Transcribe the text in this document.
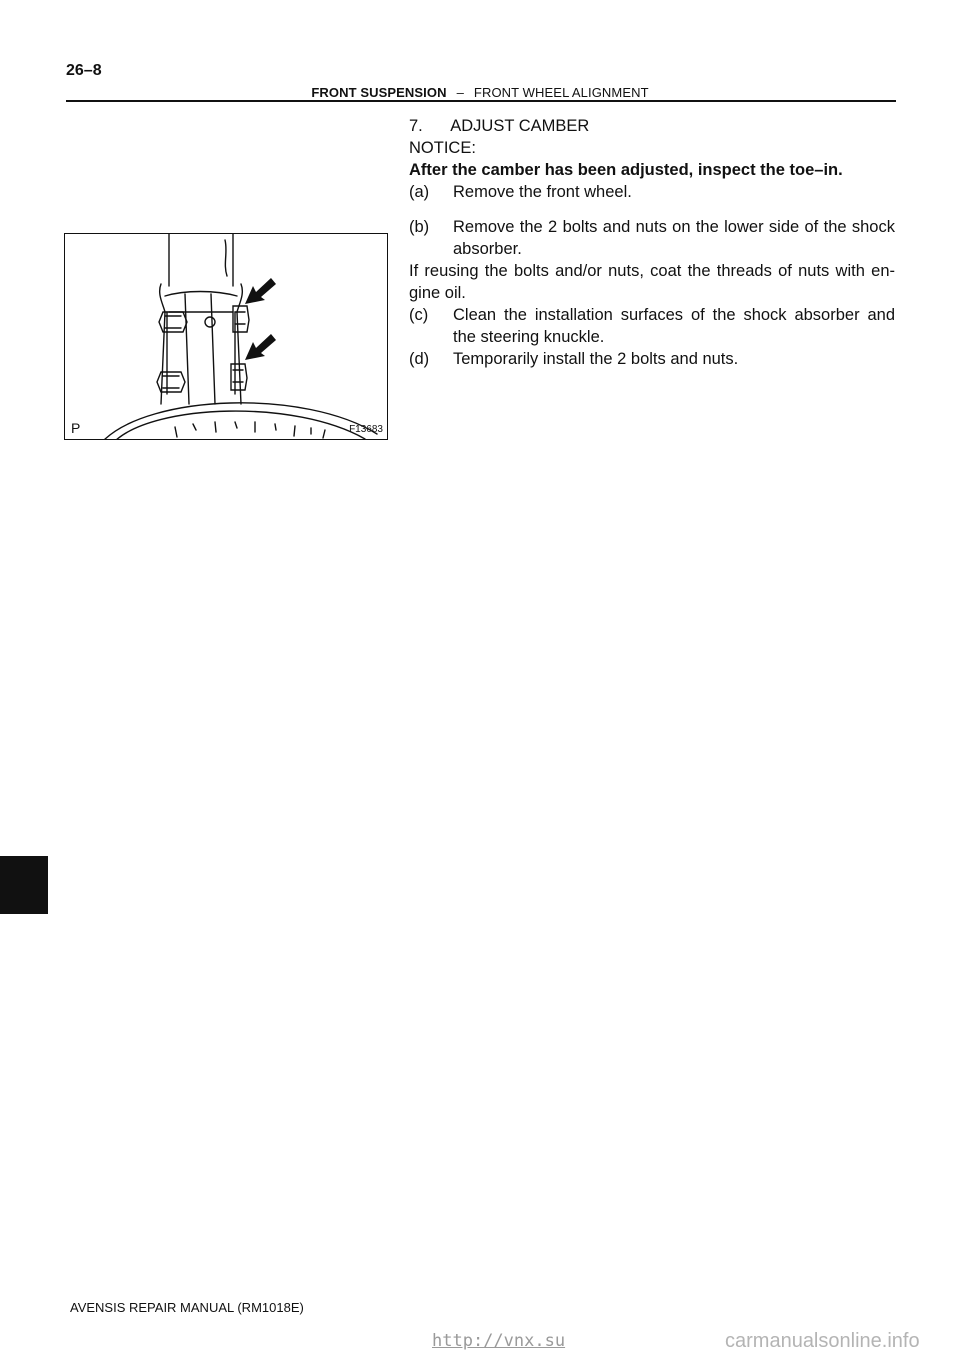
26–8
FRONT SUSPENSION – FRONT WHEEL ALIGNMENT
P	F13683
7.      ADJUST CAMBER
NOTICE:
After the camber has been adjusted, inspect the toe–in.
(a) Remove the front wheel.
(b) Remove the 2 bolts and nuts on the lower side of the shock absorber.
If reusing the bolts and/or nuts, coat the threads of nuts with en-gine oil.
(c) Clean the installation surfaces of the shock absorber and the steering knuckle.
(d) Temporarily install the 2 bolts and nuts.
AVENSIS REPAIR MANUAL (RM1018E)
http://vnx.su	carmanualsonline.info
